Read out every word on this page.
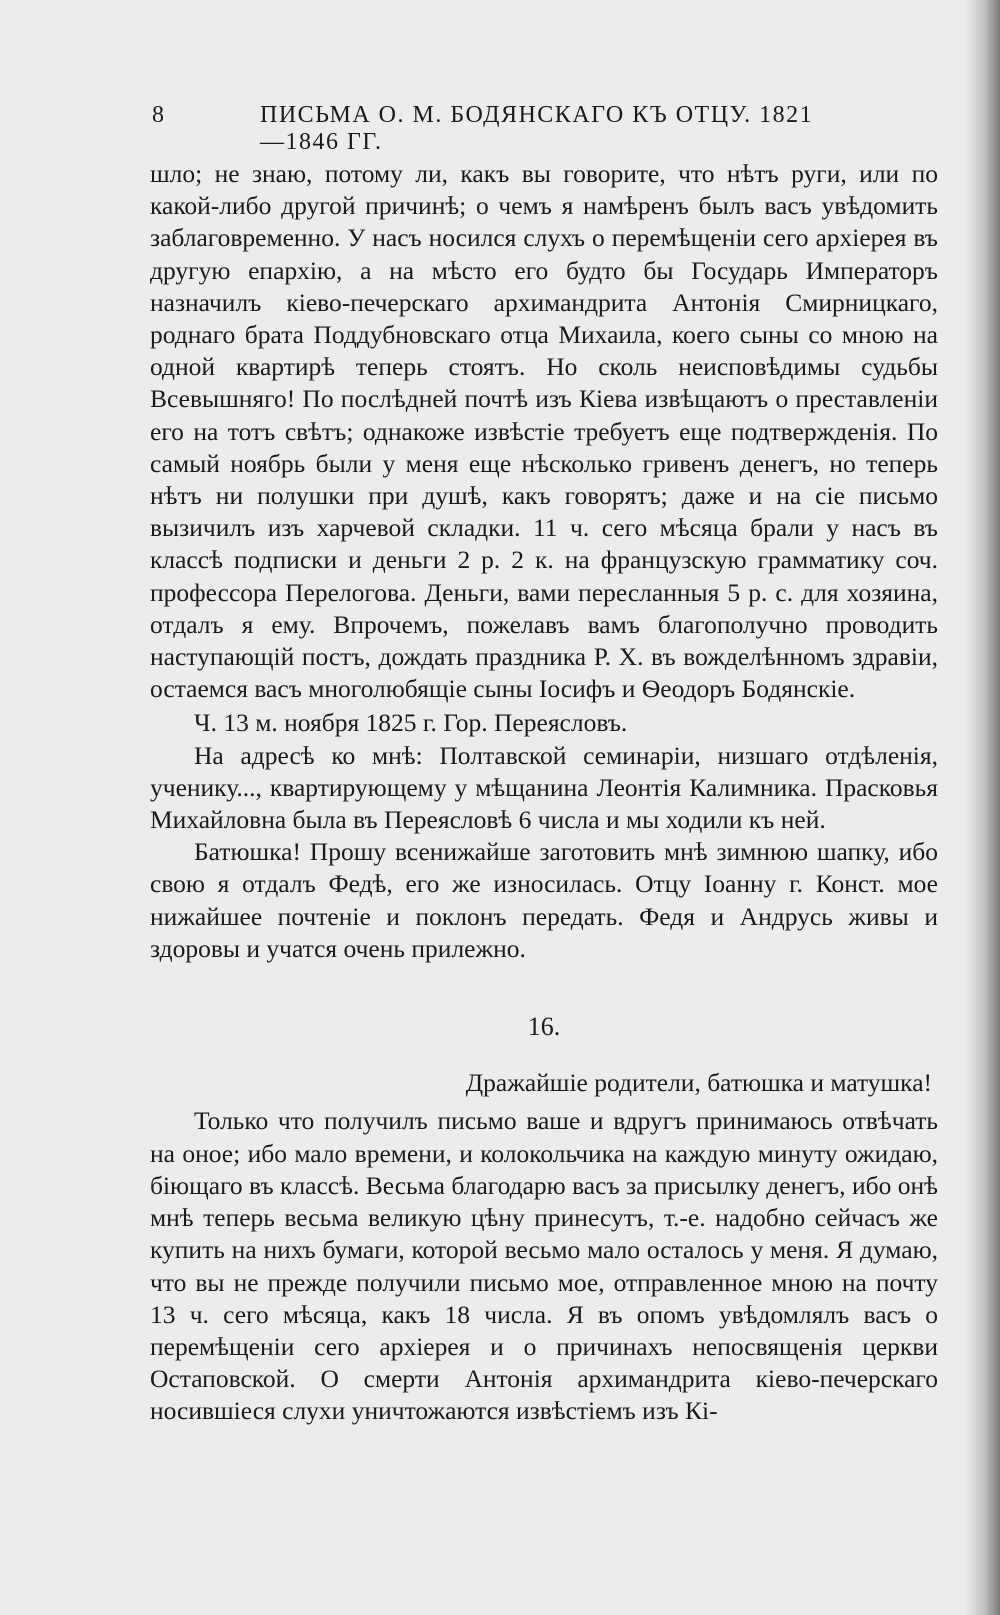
8	ПИСЬМА О. М. БОДЯНСКАГО КЪ ОТЦУ. 1821—1846 ГГ.

шло; не знаю, потому ли, какъ вы говорите, что нѣтъ руги, или по какой-либо другой причинѣ; о чемъ я намѣренъ былъ васъ увѣдомить заблаговременно. У насъ носился слухъ о перемѣщеніи сего архіерея въ другую епархію, а на мѣсто его будто бы Государь Императоръ назначилъ кіево-печерскаго архимандрита Антонія Смирницкаго, роднаго брата Поддубновскаго отца Михаила, коего сыны со мною на одной квартирѣ теперь стоятъ. Но сколь неисповѣдимы судьбы Всевышняго! По послѣдней почтѣ изъ Кіева извѣщаютъ о преставленіи его на тотъ свѣтъ; однакоже извѣстіе требуетъ еще подтвержденія. По самый ноябрь были у меня еще нѣсколько гривенъ денегъ, но теперь нѣтъ ни полушки при душѣ, какъ говорятъ; даже и на сіе письмо вызичилъ изъ харчевой складки. 11 ч. сего мѣсяца брали у насъ въ классѣ подписки и деньги 2 р. 2 к. на французскую грамматику соч. профессора Перелогова. Деньги, вами пересланныя 5 р. с. для хозяина, отдалъ я ему. Впрочемъ, пожелавъ вамъ благополучно проводить наступающій постъ, дождать праздника Р. Х. въ вожделѣнномъ здравіи, остаемся васъ многолюбящіе сыны Іосифъ и Ѳеодоръ Бодянскіе.

Ч. 13 м. ноября 1825 г. Гор. Переясловъ.

На адресѣ ко мнѣ: Полтавской семинаріи, низшаго отдѣленія, ученику..., квартирующему у мѣщанина Леонтія Калимника. Прасковья Михайловна была въ Переясловѣ 6 числа и мы ходили къ ней.

Батюшка! Прошу всенижайше заготовить мнѣ зимнюю шапку, ибо свою я отдалъ Федѣ, его же износилась. Отцу Іоанну г. Конст. мое нижайшее почтеніе и поклонъ передать. Федя и Андрусь живы и здоровы и учатся очень прилежно.

16.
Дражайшіе родители, батюшка и матушка!

Только что получилъ письмо ваше и вдругъ принимаюсь отвѣчать на оное; ибо мало времени, и колокольчика на каждую минуту ожидаю, біющаго въ классѣ. Весьма благодарю васъ за присылку денегъ, ибо онѣ мнѣ теперь весьма великую цѣну принесутъ, т.-е. надобно сейчасъ же купить на нихъ бумаги, которой весьмо мало осталось у меня. Я думаю, что вы не прежде получили письмо мое, отправленное мною на почту 13 ч. сего мѣсяца, какъ 18 числа. Я въ опомъ увѣдомлялъ васъ о перемѣщеніи сего архіерея и о причинахъ непосвященія церкви Остаповской. О смерти Антонія архимандрита кіево-печерскаго носившіеся слухи уничтожаются извѣстіемъ изъ Кі-
